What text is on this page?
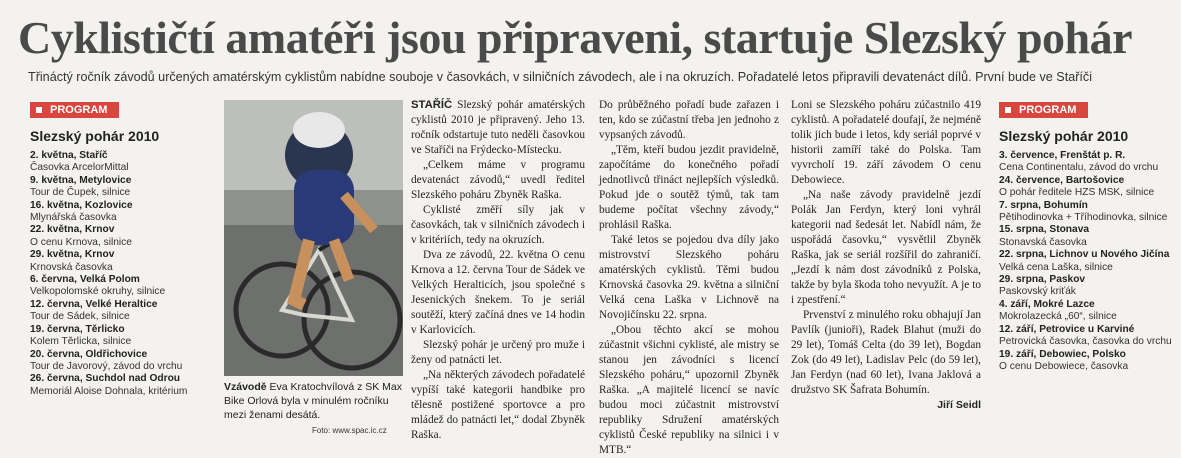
Cyklističtí amatéři jsou připraveni, startuje Slezský pohár
Třináctý ročník závodů určených amatérským cyklistům nabídne souboje v časovkách, v silničních závodech, ale i na okruzích. Pořadatelé letos připravili devatenáct dílů. První bude ve Staříči
PROGRAM
Slezský pohár 2010
2. května, Staříč
Časovka ArcelorMittal
9. května, Metylovice
Tour de Čupek, silnice
16. května, Kozlovice
Mlynářská časovka
22. května, Krnov
O cenu Krnova, silnice
29. května, Krnov
Krnovská časovka
6. června, Velká Polom
Velkopolomské okruhy, silnice
12. června, Velké Heraltice
Tour de Sádek, silnice
19. června, Těrlicko
Kolem Těrlicka, silnice
20. června, Oldřichovice
Tour de Javorový, závod do vrchu
26. června, Suchdol nad Odrou
Memoriál Aloise Dohnala, kritérium	Vzávodě Eva Kratochvílová z SK Max Bike Orlová byla v minulém ročníku mezi ženami desátá.
Foto: www.spac.ic.cz

STAŘÍČ Slezský pohár amatérských cyklistů 2010 je připravený. Jeho 13. ročník odstartuje tuto neděli časovkou ve Staříči na Frýdecko-Místecku.

„Celkem máme v programu devatenáct závodů,“ uvedl ředitel Slezského poháru Zbyněk Raška.

Cyklisté změří síly jak v časovkách, tak v silničních závodech i v kritériích, tedy na okruzích.

Dva ze závodů, 22. května O cenu Krnova a 12. června Tour de Sádek ve Velkých Heralticích, jsou společné s Jesenických šnekem. To je seriál soutěží, který začíná dnes ve 14 hodin v Karlovicích.

Slezský pohár je určený pro muže i ženy od patnácti let.

„Na některých závodech pořadatelé vypíší také kategorii handbike pro tělesně postižené sportovce a pro mládež do patnácti let,“ dodal Zbyněk Raška.

Do průběžného pořadí bude zařazen i ten, kdo se zúčastní třeba jen jednoho z vypsaných závodů.

„Těm, kteří budou jezdit pravidelně, započítáme do konečného pořadí jednotlivců třináct nejlepších výsledků. Pokud jde o soutěž týmů, tak tam budeme počítat všechny závody,“ prohlásil Raška.

Také letos se pojedou dva díly jako mistrovství Slezského poháru amatérských cyklistů. Těmi budou Krnovská časovka 29. května a silniční Velká cena Laška v Lichnově na Novojičínsku 22. srpna.

„Obou těchto akcí se mohou zúčastnit všichni cyklisté, ale mistry se stanou jen závodníci s licencí Slezského poháru,“ upozornil Zbyněk Raška. „A majitelé licencí se navíc budou moci zúčastnit mistrovství republiky Sdružení amatérských cyklistů České republiky na silnici i v MTB.“

Loni se Slezského poháru zúčastnilo 419 cyklistů. A pořadatelé doufají, že nejméně tolik jich bude i letos, kdy seriál poprvé v historii zamíří také do Polska. Tam vyvrcholí 19. září závodem O cenu Debowiece.

„Na naše závody pravidelně jezdí Polák Jan Ferdyn, který loni vyhrál kategorii nad šedesát let. Nabídl nám, že uspořádá časovku,“ vysvětlil Zbyněk Raška, jak se seriál rozšířil do zahraničí. „Jezdí k nám dost závodníků z Polska, takže by byla škoda toho nevyužít. A je to i zpestření.“

Prvenství z minulého roku obhajují Jan Pavlík (junioři), Radek Blahut (muži do 29 let), Tomáš Celta (do 39 let), Bogdan Zok (do 49 let), Ladislav Pelc (do 59 let), Jan Ferdyn (nad 60 let), Ivana Jaklová a družstvo SK Šafrata Bohumín.

Jiří Seidl
PROGRAM
Slezský pohár 2010
3. července, Frenštát p. R.
Cena Continentalu, závod do vrchu
24. července, Bartošovice
O pohár ředitele HZS MSK, silnice
7. srpna, Bohumín
Pětihodinovka + Tříhodinovka, silnice
15. srpna, Stonava
Stonavská časovka
22. srpna, Lichnov u Nového Jičína
Velká cena Laška, silnice
29. srpna, Paskov
Paskovský kriťák
4. září, Mokré Lazce
Mokrolazecká „60“, silnice
12. září, Petrovice u Karviné
Petrovická časovka, časovka do vrchu
19. září, Debowiec, Polsko
O cenu Debowiece, časovka
